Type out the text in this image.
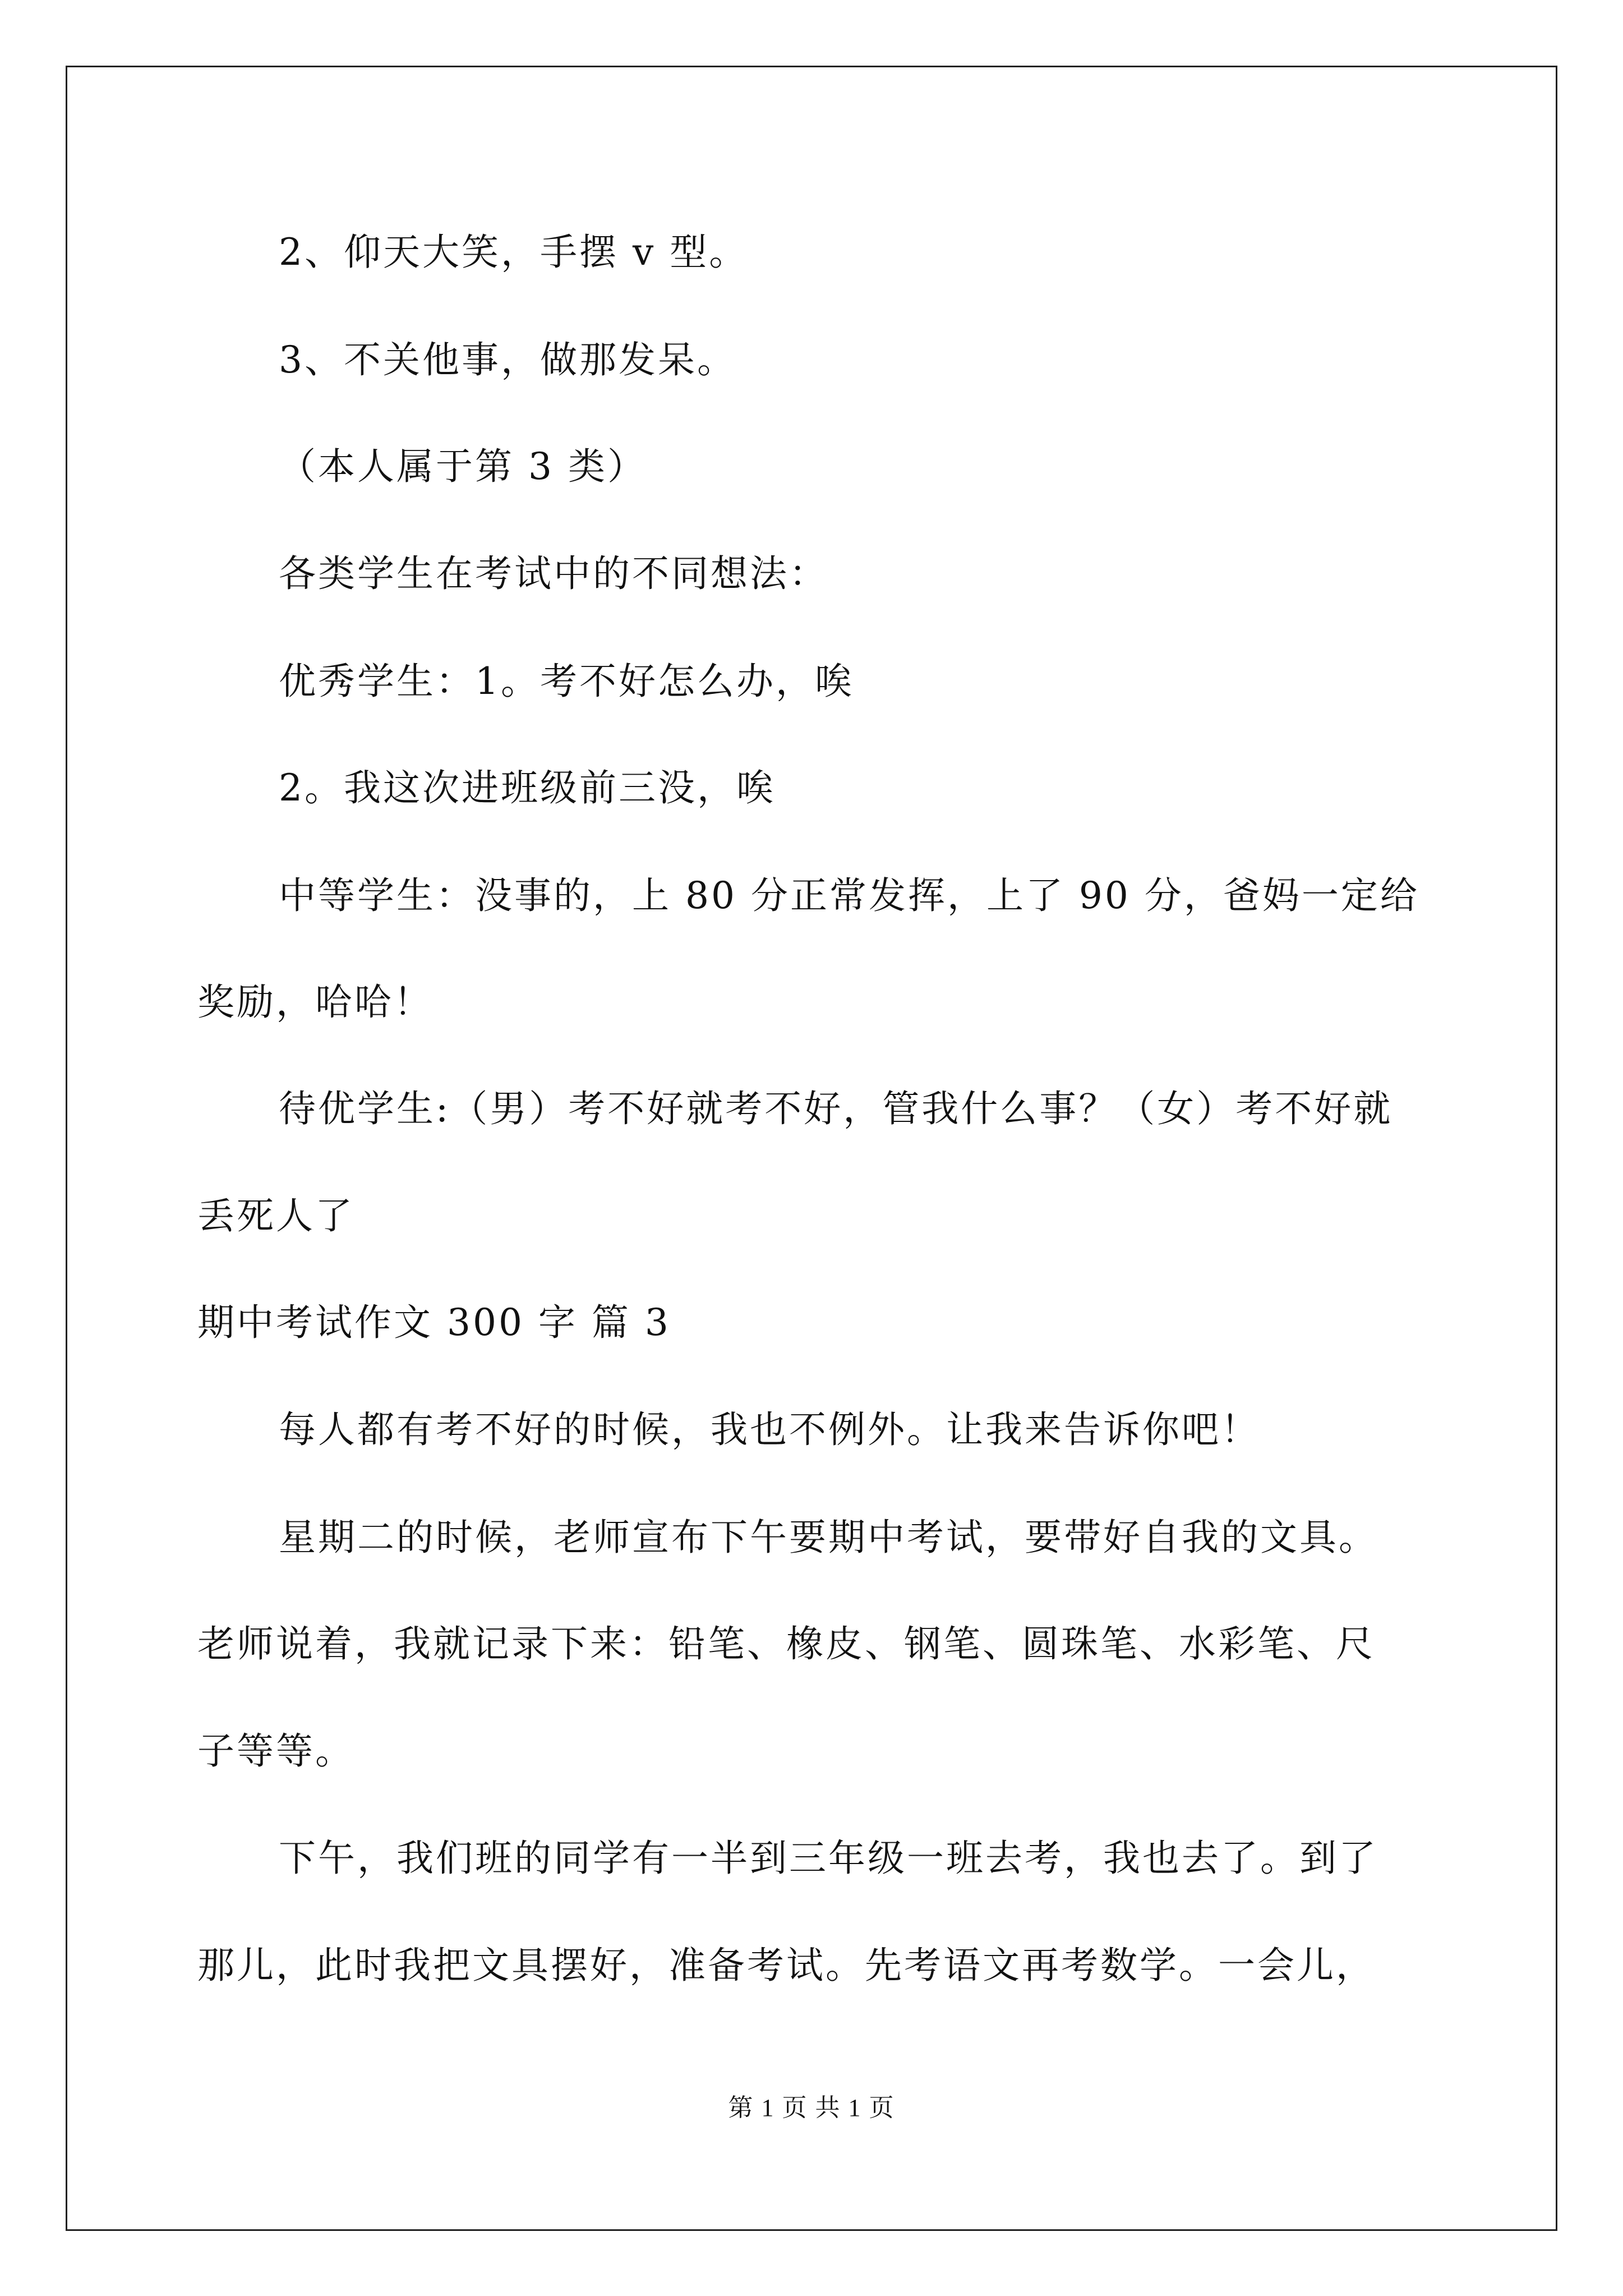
2、仰天大笑，手摆 v 型。
3、不关他事，做那发呆。
（本人属于第 3 类）
各类学生在考试中的不同想法：
优秀学生：1。考不好怎么办，唉
2。我这次进班级前三没，唉
中等学生：没事的，上 80 分正常发挥，上了 90 分，爸妈一定给
奖励，哈哈！
待优学生:（男）考不好就考不好，管我什么事？（女）考不好就
丢死人了
期中考试作文 300 字 篇 3
每人都有考不好的时候，我也不例外。让我来告诉你吧！
星期二的时候，老师宣布下午要期中考试，要带好自我的文具。
老师说着，我就记录下来：铅笔、橡皮、钢笔、圆珠笔、水彩笔、尺
子等等。
下午，我们班的同学有一半到三年级一班去考，我也去了。到了
那儿，此时我把文具摆好，准备考试。先考语文再考数学。一会儿，
第 1 页 共 1 页
